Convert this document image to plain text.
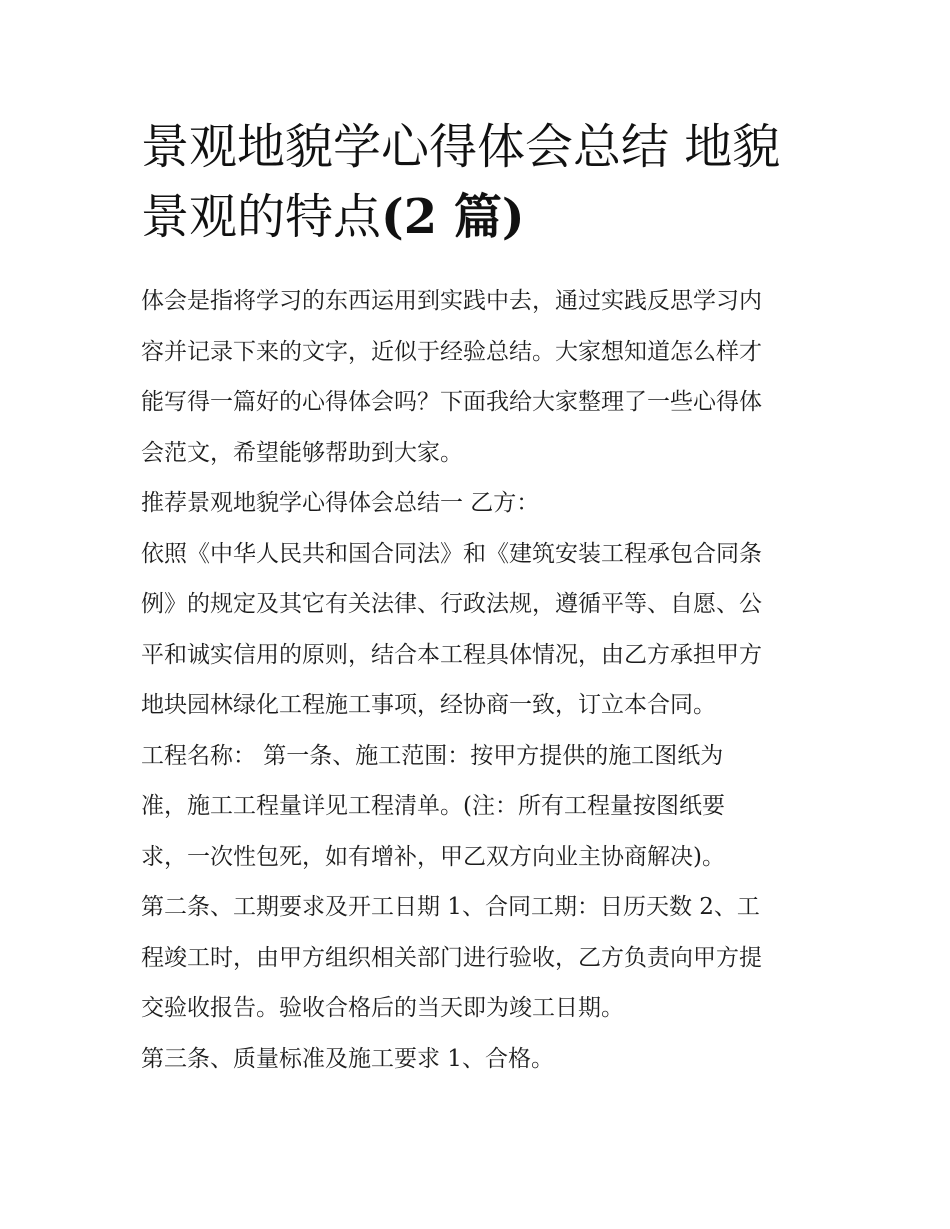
景观地貌学心得体会总结 地貌
景观的特点(2 篇)
体会是指将学习的东西运用到实践中去，通过实践反思学习内
容并记录下来的文字，近似于经验总结。大家想知道怎么样才
能写得一篇好的心得体会吗？下面我给大家整理了一些心得体
会范文，希望能够帮助到大家。
推荐景观地貌学心得体会总结一 乙方：
依照《中华人民共和国合同法》和《建筑安装工程承包合同条
例》的规定及其它有关法律、行政法规，遵循平等、自愿、公
平和诚实信用的原则，结合本工程具体情况，由乙方承担甲方
地块园林绿化工程施工事项，经协商一致，订立本合同。
工程名称： 第一条、施工范围：按甲方提供的施工图纸为
准，施工工程量详见工程清单。(注：所有工程量按图纸要
求，一次性包死，如有增补，甲乙双方向业主协商解决)。
第二条、工期要求及开工日期 1、合同工期：日历天数 2、工
程竣工时，由甲方组织相关部门进行验收，乙方负责向甲方提
交验收报告。验收合格后的当天即为竣工日期。
第三条、质量标准及施工要求 1、合格。
